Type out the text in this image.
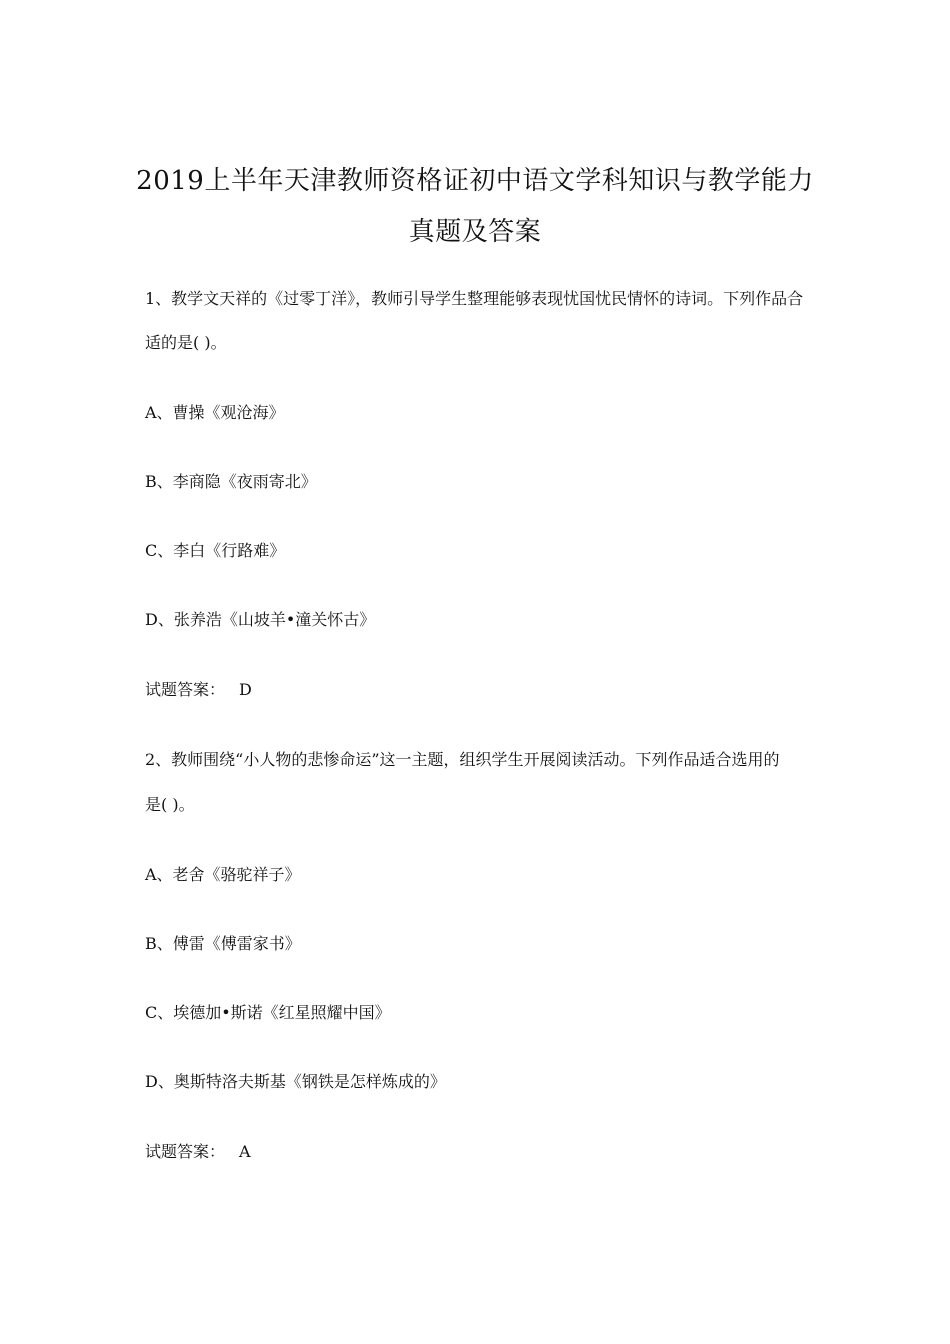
2019上半年天津教师资格证初中语文学科知识与教学能力
真题及答案
1、教学文天祥的《过零丁洋》，教师引导学生整理能够表现忧国忧民情怀的诗词。下列作品合
适的是( )。
A、曹操《观沧海》
B、李商隐《夜雨寄北》
C、李白《行路难》
D、张养浩《山坡羊•潼关怀古》
试题答案： D
2、教师围绕“小人物的悲惨命运”这一主题，组织学生开展阅读活动。下列作品适合选用的
是( )。
A、老舍《骆驼祥子》
B、傅雷《傅雷家书》
C、埃德加•斯诺《红星照耀中国》
D、奥斯特洛夫斯基《钢铁是怎样炼成的》
试题答案： A
